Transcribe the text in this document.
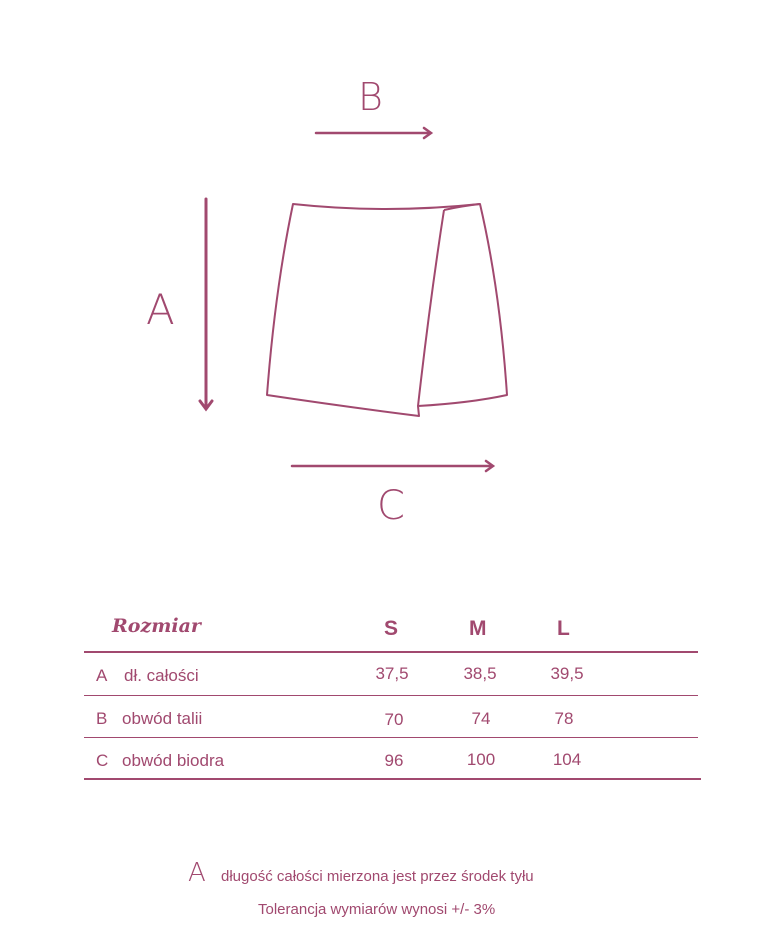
B
A
C
Rozmiar	S	M	L
A dł. całości	37,5	38,5	39,5
B obwód talii	70	74	78
C obwód biodra	96	100	104
A długość całości mierzona jest przez środek tyłu
Tolerancja wymiarów wynosi +/- 3%
